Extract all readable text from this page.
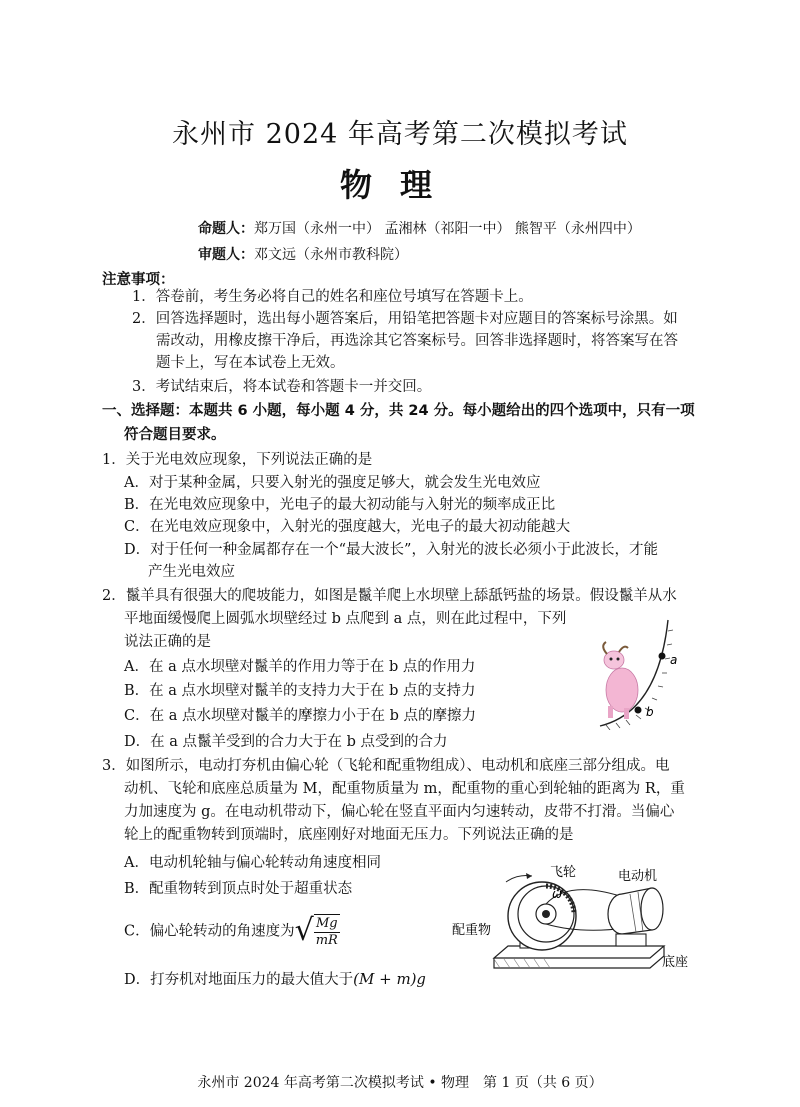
永州市 2024 年高考第二次模拟考试
物理
命题人：郑万国（永州一中） 孟湘林（祁阳一中） 熊智平（永州四中）
审题人：邓文远（永州市教科院）
注意事项：
1．答卷前，考生务必将自己的姓名和座位号填写在答题卡上。
2．回答选择题时，选出每小题答案后，用铅笔把答题卡对应题目的答案标号涂黑。如
需改动，用橡皮擦干净后，再选涂其它答案标号。回答非选择题时，将答案写在答
题卡上，写在本试卷上无效。
3．考试结束后，将本试卷和答题卡一并交回。
一、选择题：本题共 6 小题，每小题 4 分，共 24 分。每小题给出的四个选项中，只有一项
符合题目要求。
1．关于光电效应现象，下列说法正确的是
A．对于某种金属，只要入射光的强度足够大，就会发生光电效应
B．在光电效应现象中，光电子的最大初动能与入射光的频率成正比
C．在光电效应现象中，入射光的强度越大，光电子的最大初动能越大
D．对于任何一种金属都存在一个“最大波长”，入射光的波长必须小于此波长，才能
产生光电效应
2．鬣羊具有很强大的爬坡能力，如图是鬣羊爬上水坝壁上舔舐钙盐的场景。假设鬣羊从水
平地面缓慢爬上圆弧水坝壁经过 b 点爬到 a 点，则在此过程中，下列
说法正确的是
A．在 a 点水坝壁对鬣羊的作用力等于在 b 点的作用力
B．在 a 点水坝壁对鬣羊的支持力大于在 b 点的支持力
C．在 a 点水坝壁对鬣羊的摩擦力小于在 b 点的摩擦力
D．在 a 点鬣羊受到的合力大于在 b 点受到的合力
a
b
3．如图所示，电动打夯机由偏心轮（飞轮和配重物组成）、电动机和底座三部分组成。电
动机、飞轮和底座总质量为 M，配重物质量为 m，配重物的重心到轮轴的距离为 R，重
力加速度为 g。在电动机带动下，偏心轮在竖直平面内匀速转动，皮带不打滑。当偏心
轮上的配重物转到顶端时，底座刚好对地面无压力。下列说法正确的是
A．电动机轮轴与偏心轮转动角速度相同
B．配重物转到顶点时处于超重状态
C．偏心轮转动的角速度为 √ $\frac{Mg}{mR}$
D．打夯机对地面压力的最大值大于(M + m)g
飞轮	电动机
配重物
底座
ω
永州市 2024 年高考第二次模拟考试 • 物理　第 1 页（共 6 页）
